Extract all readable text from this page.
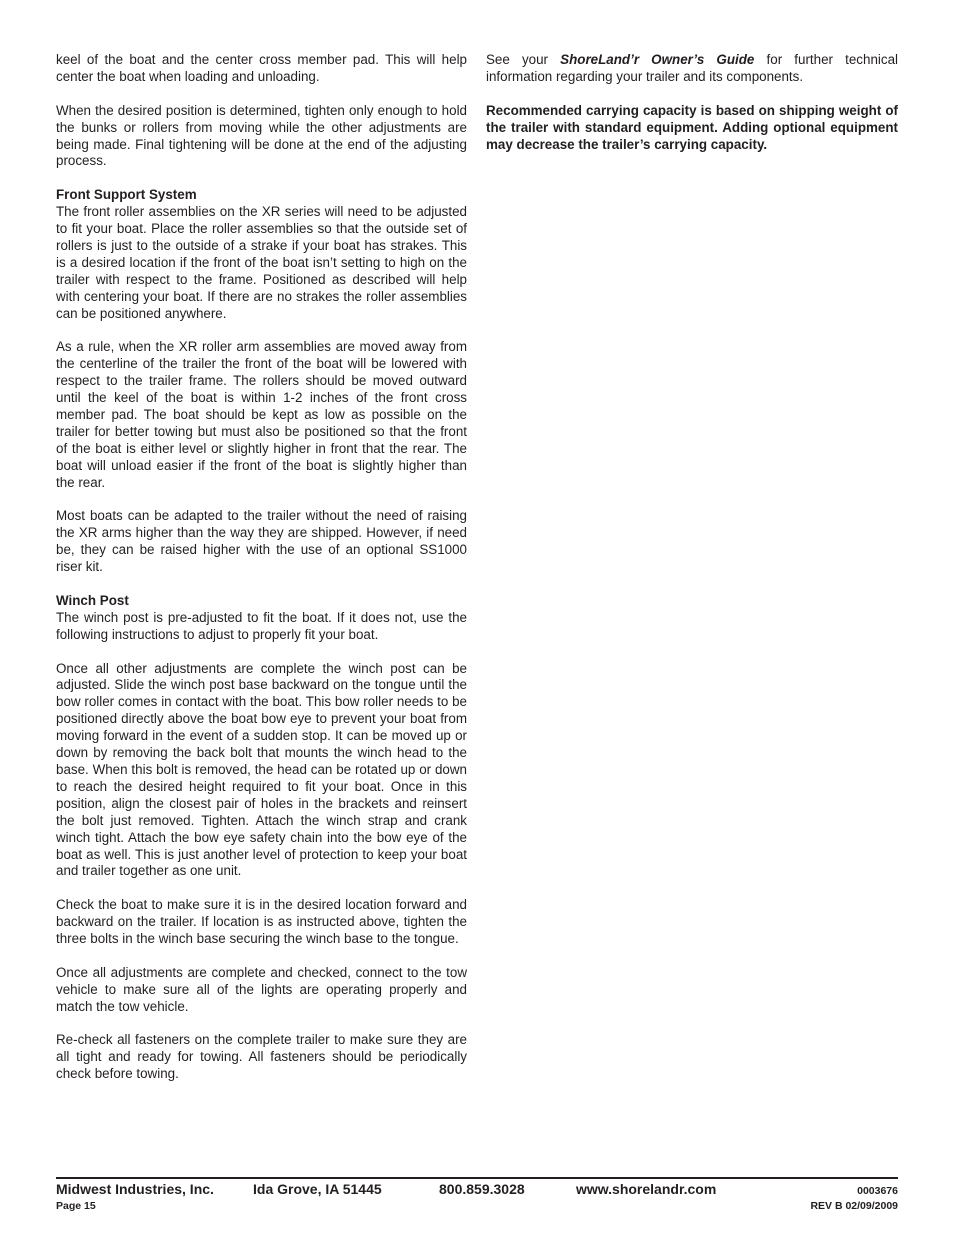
keel of the boat and the center cross member pad. This will help center the boat when loading and unloading.

When the desired position is determined, tighten only enough to hold the bunks or rollers from moving while the other adjustments are being made. Final tightening will be done at the end of the adjusting process.

Front Support System

The front roller assemblies on the XR series will need to be adjusted to fit your boat. Place the roller assemblies so that the outside set of rollers is just to the outside of a strake if your boat has strakes. This is a desired location if the front of the boat isn’t setting to high on the trailer with respect to the frame. Positioned as described will help with centering your boat. If there are no strakes the roller assemblies can be positioned anywhere.

As a rule, when the XR roller arm assemblies are moved away from the centerline of the trailer the front of the boat will be lowered with respect to the trailer frame. The rollers should be moved outward until the keel of the boat is within 1-2 inches of the front cross member pad. The boat should be kept as low as possible on the trailer for better towing but must also be positioned so that the front of the boat is either level or slightly higher in front that the rear. The boat will unload easier if the front of the boat is slightly higher than the rear.

Most boats can be adapted to the trailer without the need of raising the XR arms higher than the way they are shipped. However, if need be, they can be raised higher with the use of an optional SS1000 riser kit.

Winch Post

The winch post is pre-adjusted to fit the boat. If it does not, use the following instructions to adjust to properly fit your boat.

Once all other adjustments are complete the winch post can be adjusted. Slide the winch post base backward on the tongue until the bow roller comes in contact with the boat. This bow roller needs to be positioned directly above the boat bow eye to prevent your boat from moving forward in the event of a sudden stop. It can be moved up or down by removing the back bolt that mounts the winch head to the base. When this bolt is removed, the head can be rotated up or down to reach the desired height required to fit your boat. Once in this position, align the closest pair of holes in the brackets and reinsert the bolt just removed. Tighten. Attach the winch strap and crank winch tight. Attach the bow eye safety chain into the bow eye of the boat as well. This is just another level of protection to keep your boat and trailer together as one unit.

Check the boat to make sure it is in the desired location forward and backward on the trailer. If location is as instructed above, tighten the three bolts in the winch base securing the winch base to the tongue.

Once all adjustments are complete and checked, connect to the tow vehicle to make sure all of the lights are operating properly and match the tow vehicle.

Re-check all fasteners on the complete trailer to make sure they are all tight and ready for towing. All fasteners should be periodically check before towing.

See your ShoreLand’r Owner’s Guide for further technical information regarding your trailer and its components.

Recommended carrying capacity is based on shipping weight of the trailer with standard equipment. Adding optional equipment may decrease the trailer’s carrying capacity.

Midwest Industries, Inc.	Ida Grove, IA 51445	800.859.3028	www.shorelandr.com	0003676
Page 15	REV B 02/09/2009
